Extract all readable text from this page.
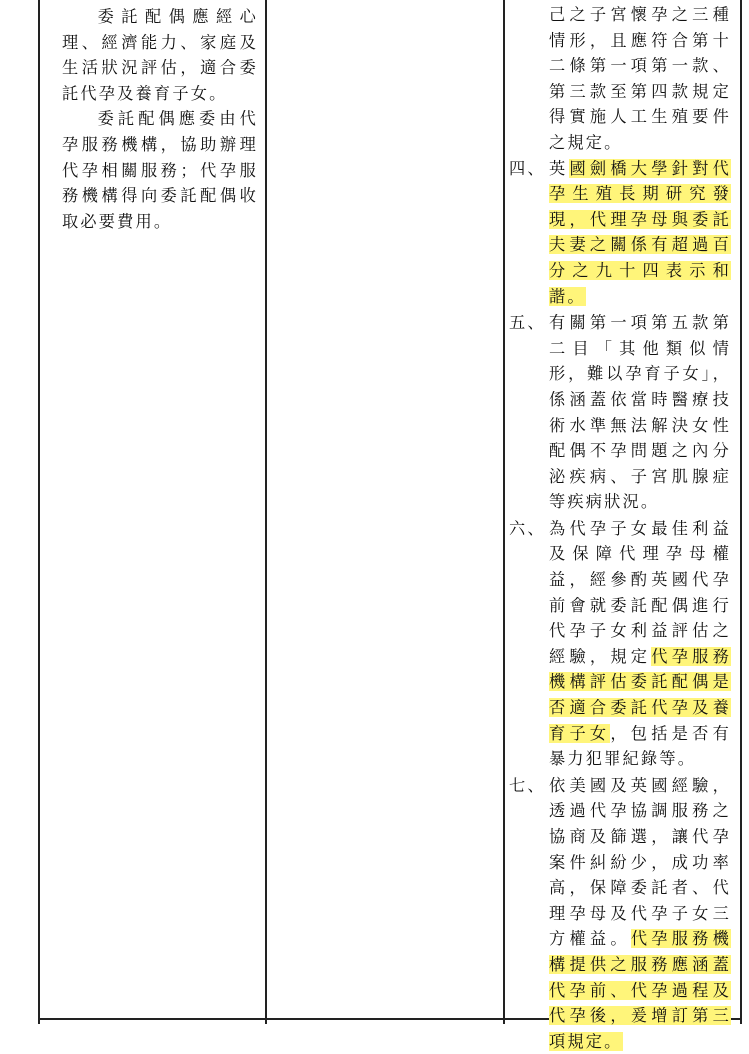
委託配偶應經心理、經濟能力、家庭及生活狀況評估，適合委託代孕及養育子女。

委託配偶應委由代孕服務機構，協助辦理代孕相關服務；代孕服務機構得向委託配偶收取必要費用。

己之子宮懷孕之三種情形，且應符合第十二條第一項第一款、第三款至第四款規定得實施人工生殖要件之規定。
四、 英國劍橋大學針對代孕生殖長期研究發現，代理孕母與委託夫妻之關係有超過百分之九十四表示和諧。
五、 有關第一項第五款第二目「其他類似情形，難以孕育子女」，係涵蓋依當時醫療技術水準無法解決女性配偶不孕問題之內分泌疾病、子宮肌腺症等疾病狀況。
六、 為代孕子女最佳利益及保障代理孕母權益，經參酌英國代孕前會就委託配偶進行代孕子女利益評估之經驗，規定代孕服務機構評估委託配偶是否適合委託代孕及養育子女，包括是否有暴力犯罪紀錄等。
七、 依美國及英國經驗，透過代孕協調服務之協商及篩選，讓代孕案件糾紛少，成功率高，保障委託者、代理孕母及代孕子女三方權益。代孕服務機構提供之服務應涵蓋代孕前、代孕過程及代孕後，爰增訂第三項規定。
